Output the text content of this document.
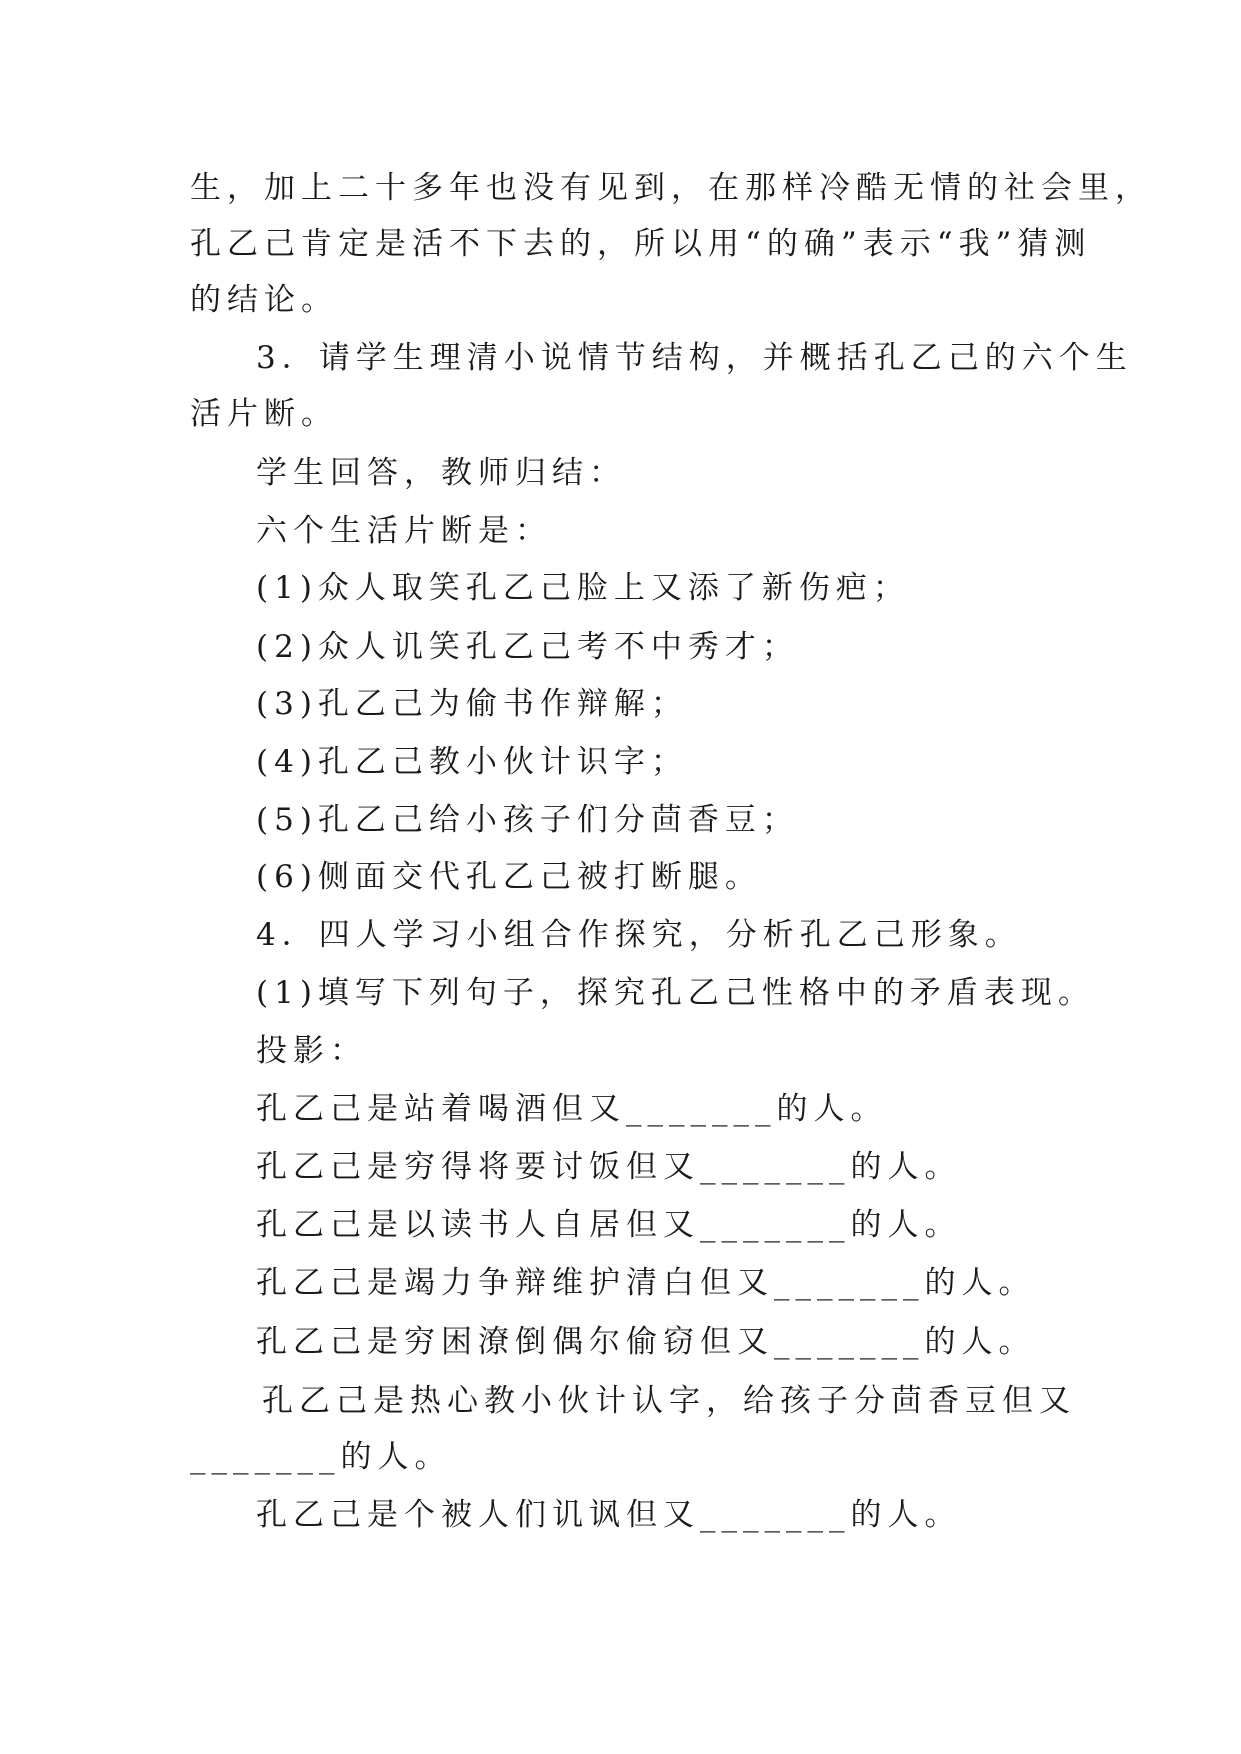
生，加上二十多年也没有见到，在那样冷酷无情的社会里，
孔乙己肯定是活不下去的，所以用“的确”表示“我”猜测
的结论。
3．请学生理清小说情节结构，并概括孔乙己的六个生
活片断。
学生回答，教师归结：
六个生活片断是：
(1)众人取笑孔乙己脸上又添了新伤疤；
(2)众人讥笑孔乙己考不中秀才；
(3)孔乙己为偷书作辩解；
(4)孔乙己教小伙计识字；
(5)孔乙己给小孩子们分茴香豆；
(6)侧面交代孔乙己被打断腿。
4．四人学习小组合作探究，分析孔乙己形象。
(1)填写下列句子，探究孔乙己性格中的矛盾表现。
投影：
孔乙己是站着喝酒但又_______的人。
孔乙己是穷得将要讨饭但又_______的人。
孔乙己是以读书人自居但又_______的人。
孔乙己是竭力争辩维护清白但又_______的人。
孔乙己是穷困潦倒偶尔偷窃但又_______的人。
孔乙己是热心教小伙计认字，给孩子分茴香豆但又
_______的人。
孔乙己是个被人们讥讽但又_______的人。
